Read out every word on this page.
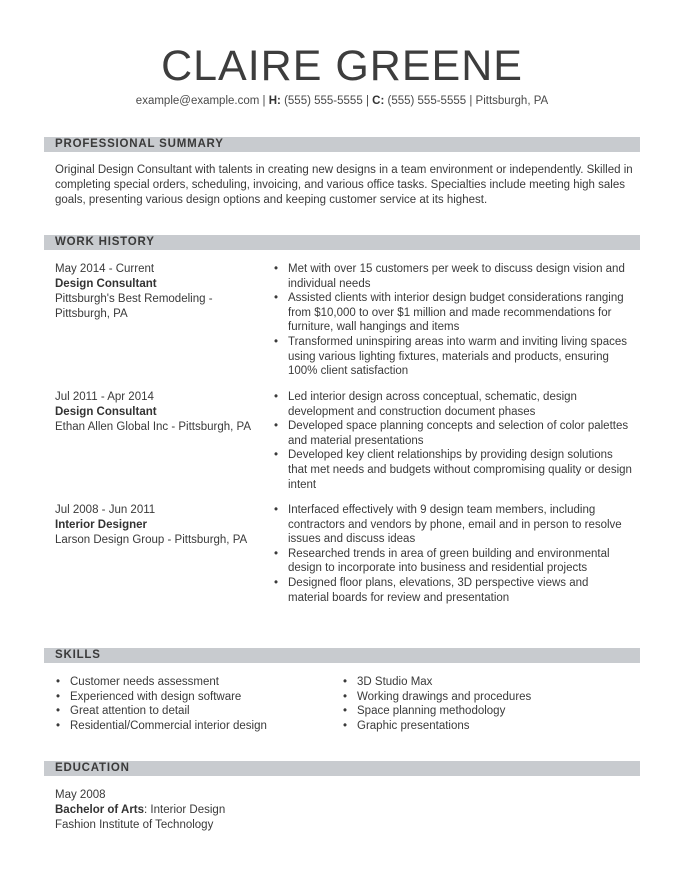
CLAIRE GREENE
example@example.com | H: (555) 555-5555 | C: (555) 555-5555 | Pittsburgh, PA
PROFESSIONAL SUMMARY
Original Design Consultant with talents in creating new designs in a team environment or independently. Skilled in completing special orders, scheduling, invoicing, and various office tasks. Specialties include meeting high sales goals, presenting various design options and keeping customer service at its highest.
WORK HISTORY
May 2014 - Current
Design Consultant
Pittsburgh's Best Remodeling - Pittsburgh, PA
• Met with over 15 customers per week to discuss design vision and individual needs
• Assisted clients with interior design budget considerations ranging from $10,000 to over $1 million and made recommendations for furniture, wall hangings and items
• Transformed uninspiring areas into warm and inviting living spaces using various lighting fixtures, materials and products, ensuring 100% client satisfaction
Jul 2011 - Apr 2014
Design Consultant
Ethan Allen Global Inc - Pittsburgh, PA
• Led interior design across conceptual, schematic, design development and construction document phases
• Developed space planning concepts and selection of color palettes and material presentations
• Developed key client relationships by providing design solutions that met needs and budgets without compromising quality or design intent
Jul 2008 - Jun 2011
Interior Designer
Larson Design Group - Pittsburgh, PA
• Interfaced effectively with 9 design team members, including contractors and vendors by phone, email and in person to resolve issues and discuss ideas
• Researched trends in area of green building and environmental design to incorporate into business and residential projects
• Designed floor plans, elevations, 3D perspective views and material boards for review and presentation
SKILLS
• Customer needs assessment
• Experienced with design software
• Great attention to detail
• Residential/Commercial interior design
• 3D Studio Max
• Working drawings and procedures
• Space planning methodology
• Graphic presentations
EDUCATION
May 2008
Bachelor of Arts: Interior Design
Fashion Institute of Technology
